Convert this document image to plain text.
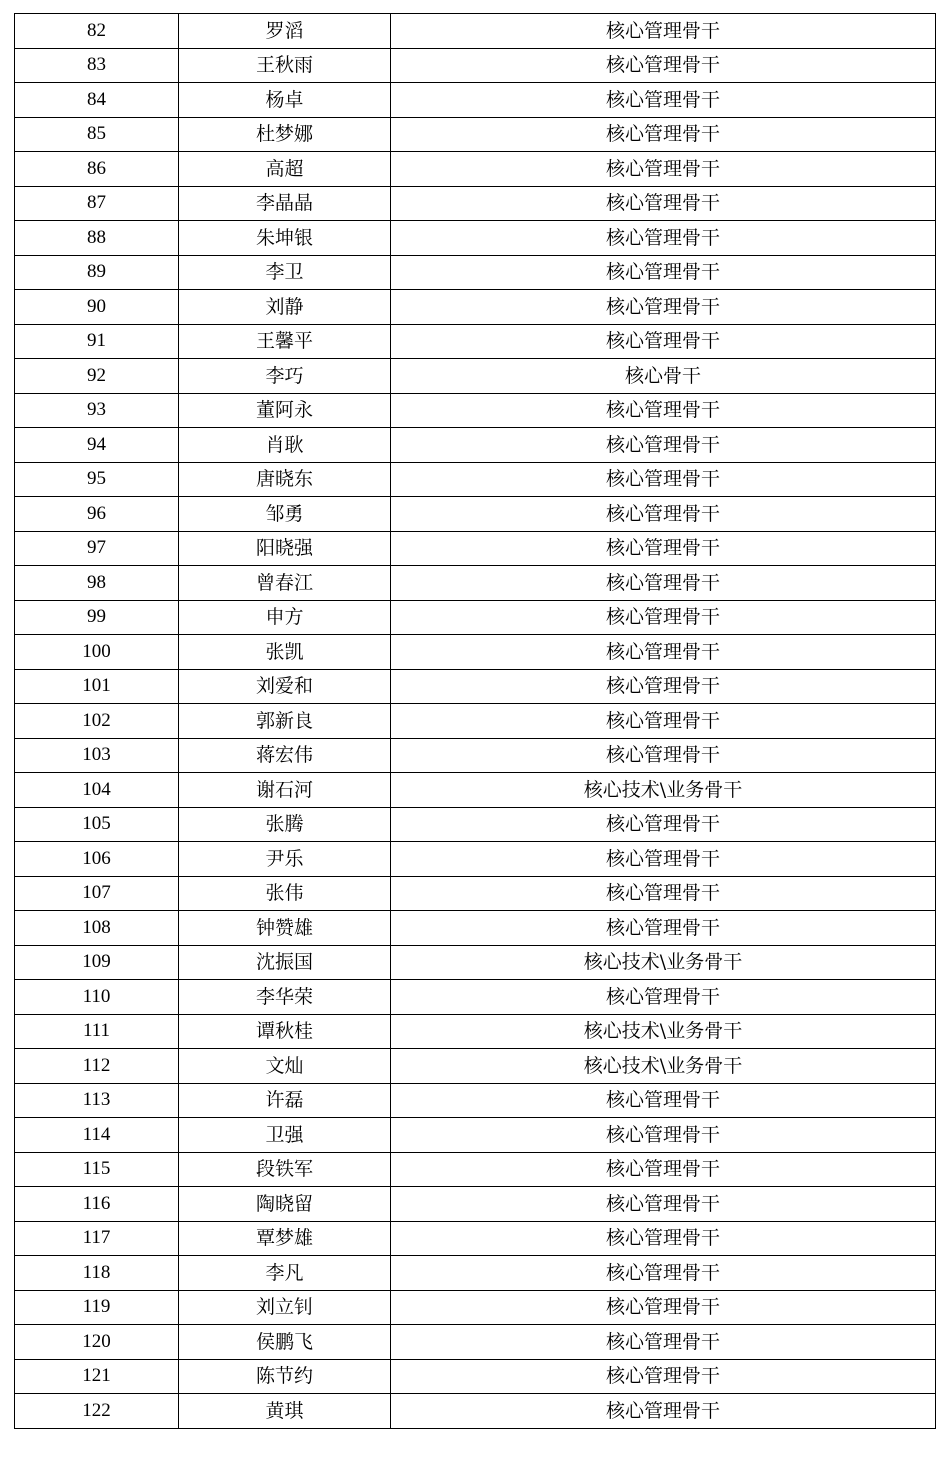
82	罗滔	核心管理骨干
83	王秋雨	核心管理骨干
84	杨卓	核心管理骨干
85	杜梦娜	核心管理骨干
86	高超	核心管理骨干
87	李晶晶	核心管理骨干
88	朱坤银	核心管理骨干
89	李卫	核心管理骨干
90	刘静	核心管理骨干
91	王馨平	核心管理骨干
92	李巧	核心骨干
93	董阿永	核心管理骨干
94	肖耿	核心管理骨干
95	唐晓东	核心管理骨干
96	邹勇	核心管理骨干
97	阳晓强	核心管理骨干
98	曾春江	核心管理骨干
99	申方	核心管理骨干
100	张凯	核心管理骨干
101	刘爱和	核心管理骨干
102	郭新良	核心管理骨干
103	蒋宏伟	核心管理骨干
104	谢石河	核心技术\业务骨干
105	张腾	核心管理骨干
106	尹乐	核心管理骨干
107	张伟	核心管理骨干
108	钟赞雄	核心管理骨干
109	沈振国	核心技术\业务骨干
110	李华荣	核心管理骨干
111	谭秋桂	核心技术\业务骨干
112	文灿	核心技术\业务骨干
113	许磊	核心管理骨干
114	卫强	核心管理骨干
115	段铁军	核心管理骨干
116	陶晓留	核心管理骨干
117	覃梦雄	核心管理骨干
118	李凡	核心管理骨干
119	刘立钊	核心管理骨干
120	侯鹏飞	核心管理骨干
121	陈节约	核心管理骨干
122	黄琪	核心管理骨干
